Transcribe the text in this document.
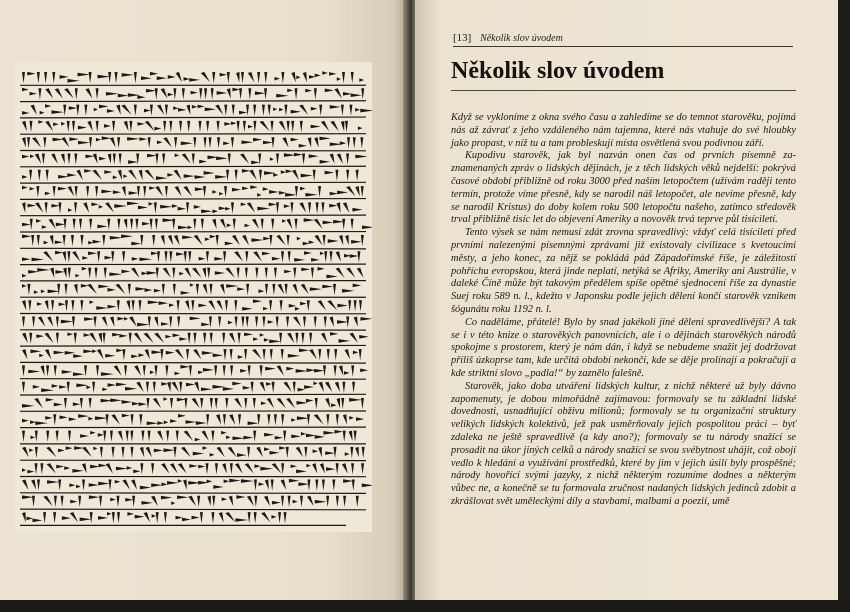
[13] Několik slov úvodem
Několik slov úvodem

Když se vykloníme z okna svého času a zahledíme se do temnot starověku, pojímá nás až závrať z jeho vzdáleného nám tajemna, které nás vtahuje do své hloubky jako propast, v níž tu a tam probleskují místa osvětlená svou podivnou září.

Kupodivu starověk, jak byl nazván onen čas od prvních písemně zaznamenaných zpráv o lidských dějinách, je z těch lidských věků nejdelší: pokrývá časové období přibližně od roku 3000 před naším letopočtem (užívám raději tento termín, protože víme přesně, kdy se narodil náš letopočet, ale nevíme přesně, kdy se narodil Kristus) do doby kolem roku 500 letopočtu našeho, zatímco středověk trval přibližně tisíc let do objevení Ameriky a novověk trvá teprve půl tisíciletí.

Tento výsek se nám nemusí zdát zrovna spravedlivý: vždyť celá tisíciletí před prvními nalezenými písemnými zprávami již existovaly civilizace s kvetoucími městy, a jeho konec, za nějž se pokládá pád Západořímské říše, je záležitostí pohříchu evropskou, která jinde neplatí, netýká se Afriky, Ameriky ani Austrálie, v daleké Číně může být takovým předělem spíše opětné sjednocení říše za dynastie Suej roku 589 n. l., kdežto v Japonsku podle jejich dělení končí starověk vznikem šógunátu roku 1192 n. l.

Co naděláme, přátelé! Bylo by snad jakékoli jiné dělení spravedlivější? A tak se i v této knize o starověkých panovnících, ale i o dějinách starověkých národů spokojme s prostorem, který je nám dán, i když se nebudeme snažit jej dodržovat příliš úzkoprse tam, kde určitá období nekončí, kde se děje prolínají a pokračují a kde striktní slovo „padla!“ by zaznělo falešně.

Starověk, jako doba utváření lidských kultur, z nichž některé už byly dávno zapomenuty, je dobou mimořádně zajímavou: formovaly se tu základní lidské dovednosti, usnadňující obživu milionů; formovaly se tu organizační struktury velikých lidských kolektivů, jež pak usměrňovaly jejich pospolitou práci – byť zdaleka ne ještě spravedlivě (a kdy ano?); formovaly se tu národy snažící se prosadit na úkor jiných celků a národy snažící se svou svébytnost uhájit, což obojí vedlo k hledání a využívání prostředků, které by jim v jejich úsilí byly prospěšné; národy hovořící svými jazyky, z nichž některým rozumíme dodnes a některým vůbec ne, a konečně se tu formovala zručnost nadaných lidských jedinců zdobit a zkrášlovat svět uměleckými díly a stavbami, malbami a poezií, umě
